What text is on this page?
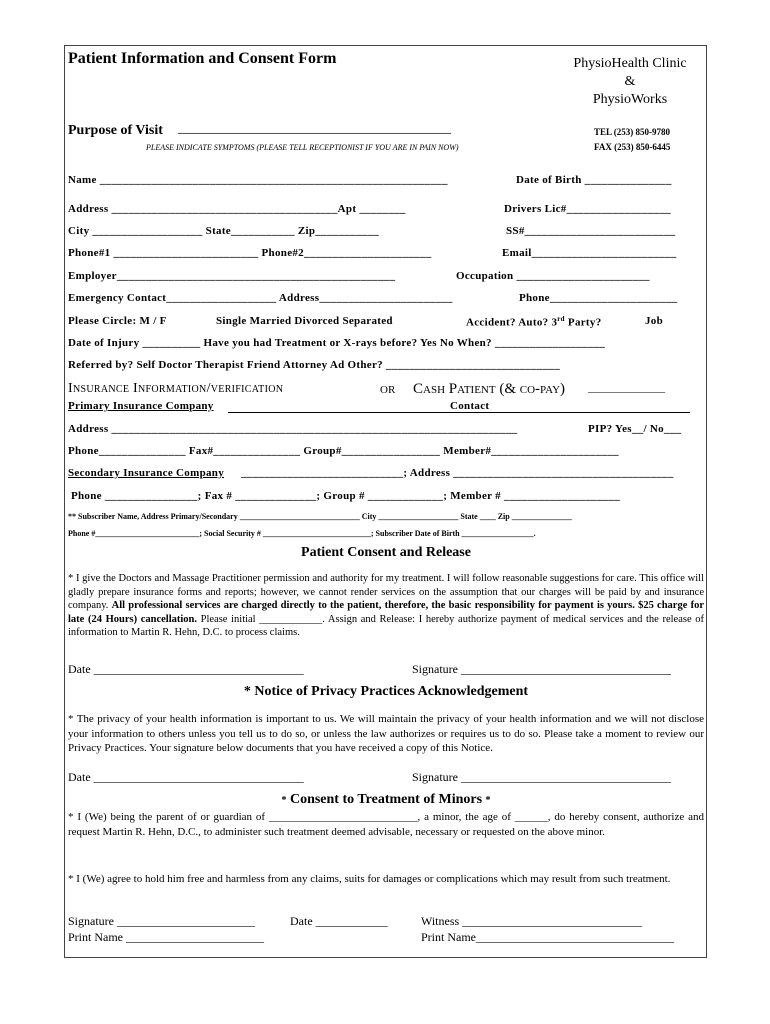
Patient Information and Consent Form	PhysioHealth Clinic
&
PhysioWorks
Purpose of Visit _______________________________________
PLEASE INDICATE SYMPTOMS (PLEASE TELL RECEPTIONIST IF YOU ARE IN PAIN NOW)
TEL (253) 850-9780
FAX (253) 850-6445
Name ____________________________________________________________	Date of Birth _______________
Address _______________________________________Apt ________	Drivers Lic#__________________
City ___________________ State___________ Zip___________	SS#__________________________
Phone#1 _________________________ Phone#2______________________	Email_________________________
Employer________________________________________________	Occupation _______________________
Emergency Contact___________________ Address_______________________	Phone______________________
Please Circle: M / F	Single Married Divorced Separated	Accident? Auto? 3rd Party?	Job
Date of Injury __________ Have you had Treatment or X-rays before? Yes No When? ___________________
Referred by? Self Doctor Therapist Friend Attorney Ad Other? ______________________________
Insurance Information/verification	OR Cash Patient (& co-pay) ______________
Primary Insurance Company	Contact
Address ______________________________________________________________________	PIP? Yes__/ No___
Phone_______________ Fax#_______________ Group#_________________ Member#______________________
Secondary Insurance Company ____________________________; Address ______________________________________
Phone ________________; Fax # ______________; Group # _____________; Member # ____________________
** Subscriber Name, Address Primary/Secondary ______________________________ City ____________________ State ____ Zip _______________
Phone #__________________________; Social Security # ___________________________; Subscriber Date of Birth __________________.
Patient Consent and Release
* I give the Doctors and Massage Practitioner permission and authority for my treatment. I will follow reasonable suggestions for care. This office will gladly prepare insurance forms and reports; however, we cannot render services on the assumption that our charges will be paid by and insurance company. All professional services are charged directly to the patient, therefore, the basic responsibility for payment is yours. $25 charge for late (24 Hours) cancellation. Please initial ____________. Assign and Release: I hereby authorize payment of medical services and the release of information to Martin R. Hehn, D.C. to process claims.
Date ___________________________________	Signature ___________________________________
* Notice of Privacy Practices Acknowledgement
* The privacy of your health information is important to us. We will maintain the privacy of your health information and we will not disclose your information to others unless you tell us to do so, or unless the law authorizes or requires us to do so. Please take a moment to review our Privacy Practices. Your signature below documents that you have received a copy of this Notice.
Date ___________________________________	Signature ___________________________________
* Consent to Treatment of Minors *
* I (We) being the parent of or guardian of ___________________________, a minor, the age of ______, do hereby consent, authorize and request Martin R. Hehn, D.C., to administer such treatment deemed advisable, necessary or requested on the above minor.
* I (We) agree to hold him free and harmless from any claims, suits for damages or complications which may result from such treatment.
Signature _______________________	Date ____________	Witness ______________________________
Print Name _______________________	Print Name_________________________________
